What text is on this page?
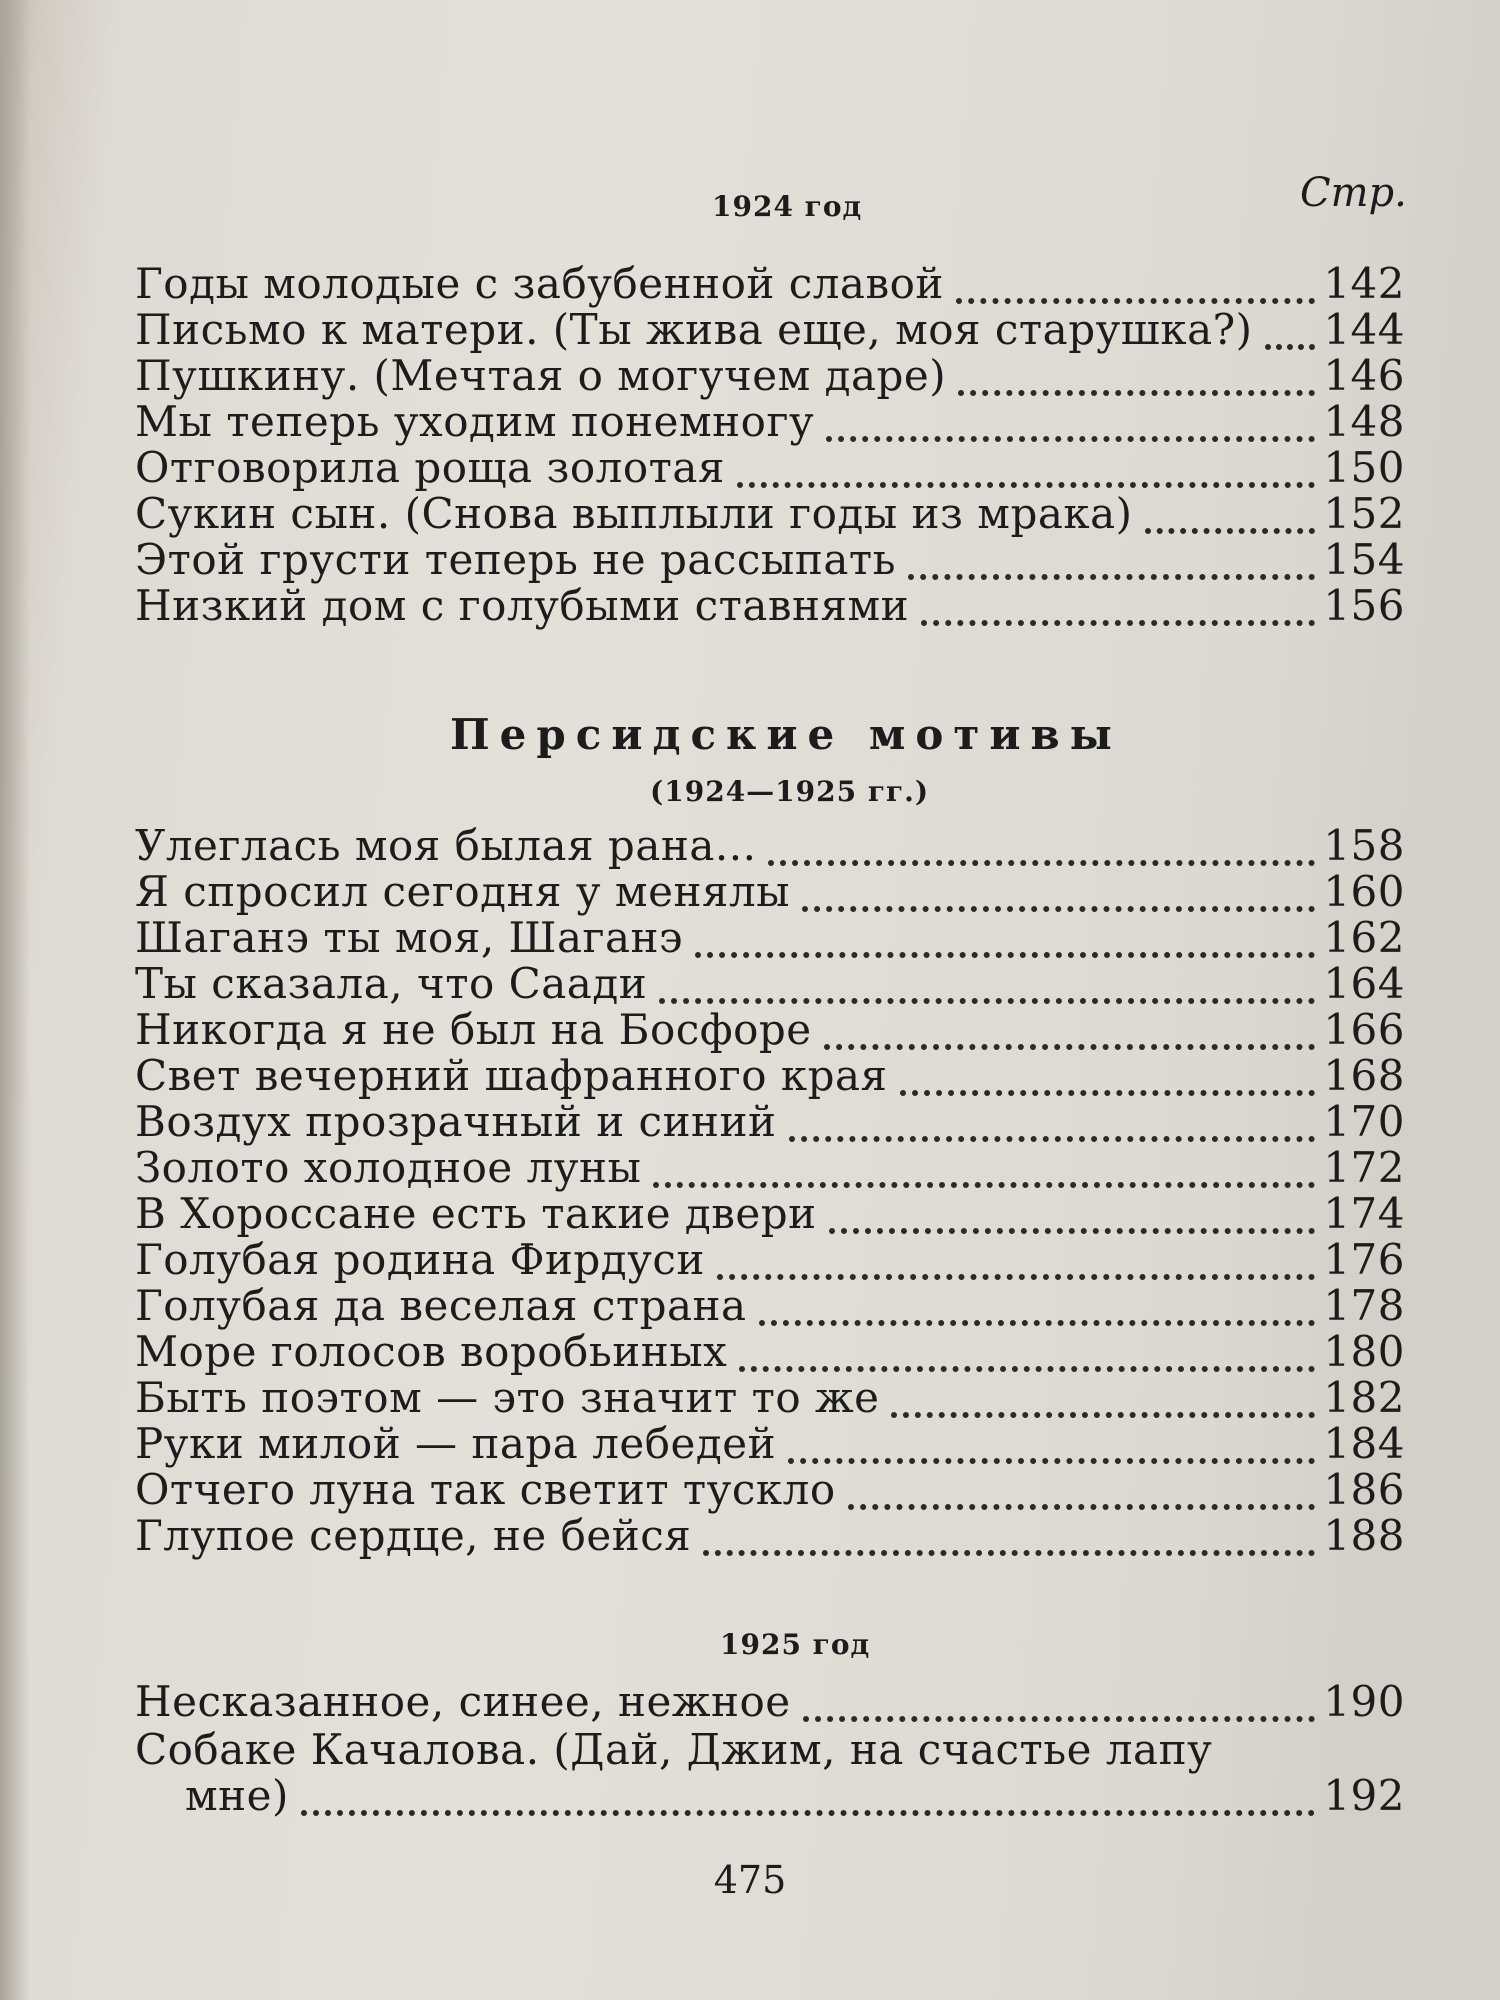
1924 год	Стр.
Годы молодые с забубенной славой	142
Письмо к матери. (Ты жива еще, моя старушка?) 144
Пушкину. (Мечтая о могучем даре)	146
Мы теперь уходим понемногу	148
Отговорила роща золотая	150
Сукин сын. (Снова выплыли годы из мрака)	152
Этой грусти теперь не рассыпать	154
Низкий дом с голубыми ставнями	156
Персидские мотивы
(1924—1925 гг.)
Улеглась моя былая рана...	158
Я спросил сегодня у менялы	160
Шаганэ ты моя, Шаганэ	162
Ты сказала, что Саади	164
Никогда я не был на Босфоре	166
Свет вечерний шафранного края	168
Воздух прозрачный и синий	170
Золото холодное луны	172
В Хороссане есть такие двери	174
Голубая родина Фирдуси	176
Голубая да веселая страна	178
Море голосов воробьиных	180
Быть поэтом — это значит то же	182
Руки милой — пара лебедей	184
Отчего луна так светит тускло	186
Глупое сердце, не бейся	188
1925 год
Несказанное, синее, нежное	190
Собаке Качалова. (Дай, Джим, на счастье лапу
мне)	192
475
